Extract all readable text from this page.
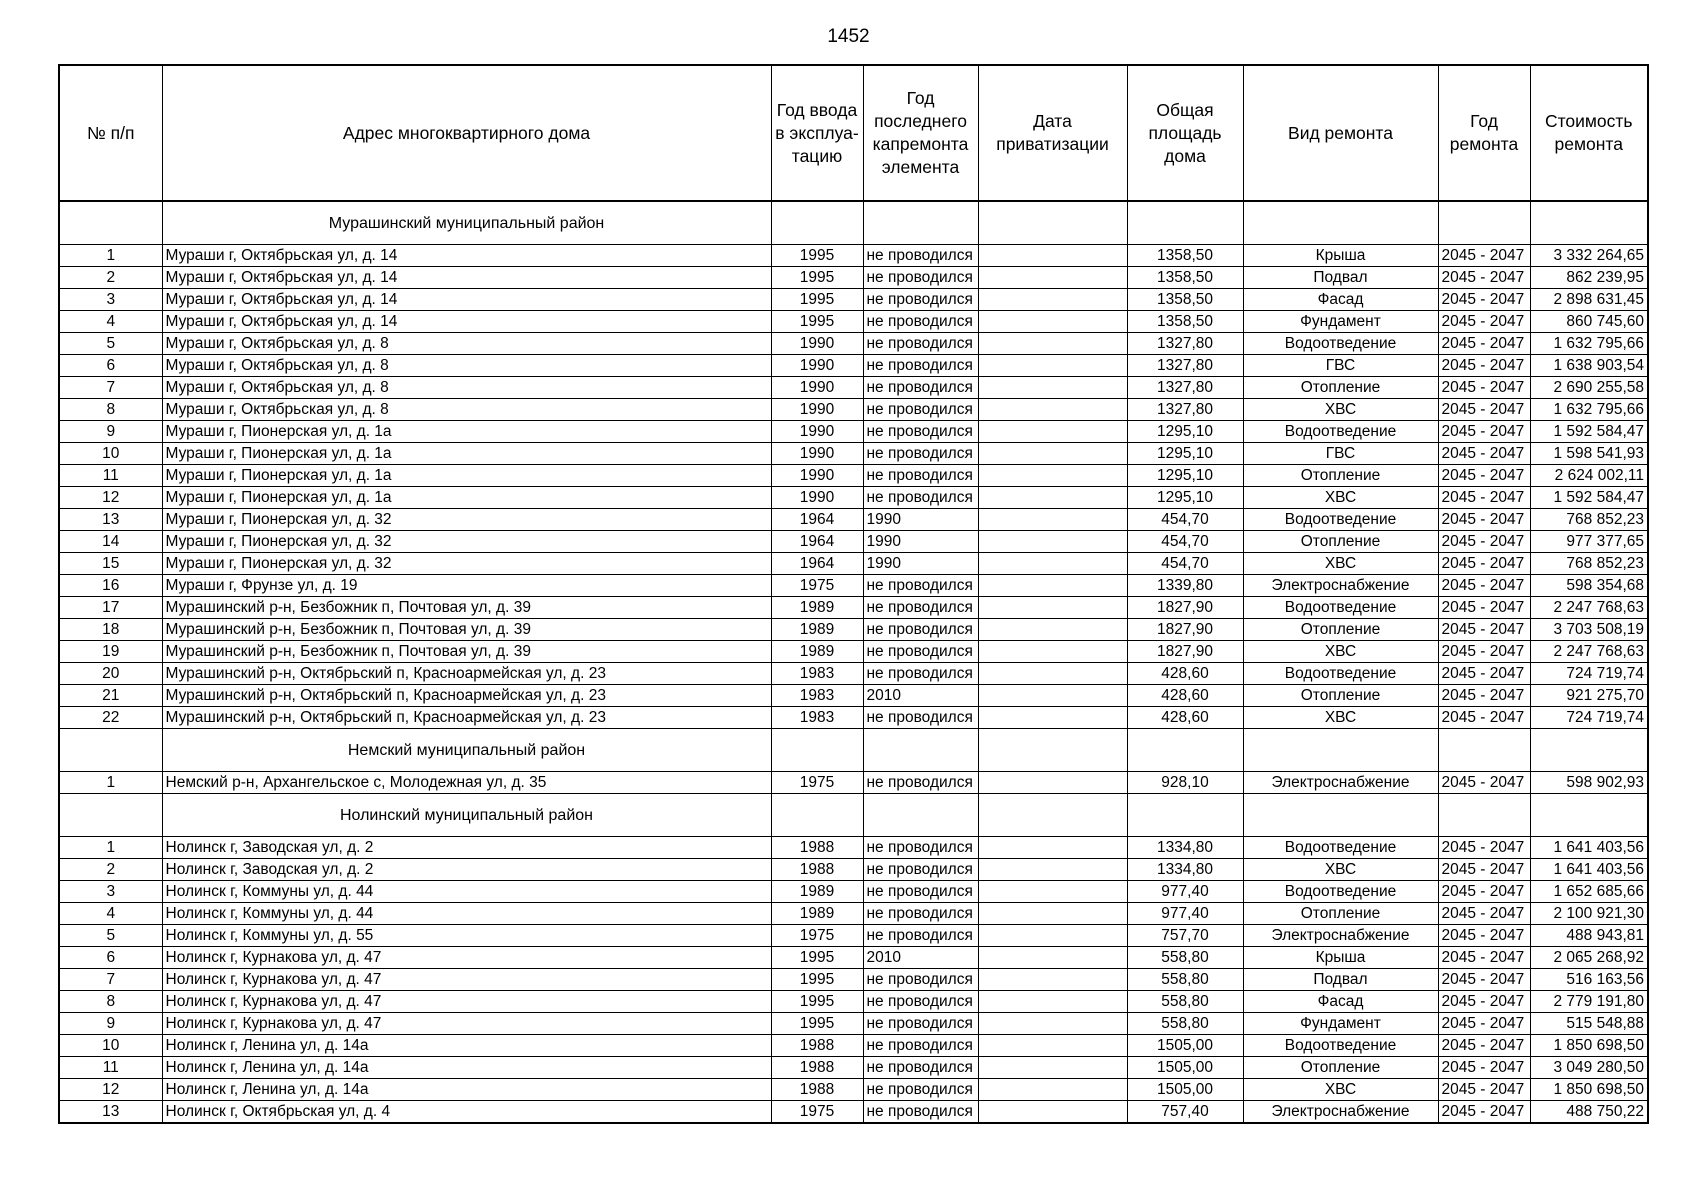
1452
№ п/п	Адрес многоквартирного дома	Год ввода в эксплуа-тацию	Год последнего капремонта элемента	Дата приватизации	Общая площадь дома	Вид ремонта	Год ремонта	Стоимость ремонта
	Мурашинский муниципальный район							
1	Мураши г, Октябрьская ул, д. 14	1995	не проводился		1358,50	Крыша	2045 - 2047	3 332 264,65
2	Мураши г, Октябрьская ул, д. 14	1995	не проводился		1358,50	Подвал	2045 - 2047	862 239,95
3	Мураши г, Октябрьская ул, д. 14	1995	не проводился		1358,50	Фасад	2045 - 2047	2 898 631,45
4	Мураши г, Октябрьская ул, д. 14	1995	не проводился		1358,50	Фундамент	2045 - 2047	860 745,60
5	Мураши г, Октябрьская ул, д. 8	1990	не проводился		1327,80	Водоотведение	2045 - 2047	1 632 795,66
6	Мураши г, Октябрьская ул, д. 8	1990	не проводился		1327,80	ГВС	2045 - 2047	1 638 903,54
7	Мураши г, Октябрьская ул, д. 8	1990	не проводился		1327,80	Отопление	2045 - 2047	2 690 255,58
8	Мураши г, Октябрьская ул, д. 8	1990	не проводился		1327,80	ХВС	2045 - 2047	1 632 795,66
9	Мураши г, Пионерская ул, д. 1а	1990	не проводился		1295,10	Водоотведение	2045 - 2047	1 592 584,47
10	Мураши г, Пионерская ул, д. 1а	1990	не проводился		1295,10	ГВС	2045 - 2047	1 598 541,93
11	Мураши г, Пионерская ул, д. 1а	1990	не проводился		1295,10	Отопление	2045 - 2047	2 624 002,11
12	Мураши г, Пионерская ул, д. 1а	1990	не проводился		1295,10	ХВС	2045 - 2047	1 592 584,47
13	Мураши г, Пионерская ул, д. 32	1964	1990		454,70	Водоотведение	2045 - 2047	768 852,23
14	Мураши г, Пионерская ул, д. 32	1964	1990		454,70	Отопление	2045 - 2047	977 377,65
15	Мураши г, Пионерская ул, д. 32	1964	1990		454,70	ХВС	2045 - 2047	768 852,23
16	Мураши г, Фрунзе ул, д. 19	1975	не проводился		1339,80	Электроснабжение	2045 - 2047	598 354,68
17	Мурашинский р-н, Безбожник п, Почтовая ул, д. 39	1989	не проводился		1827,90	Водоотведение	2045 - 2047	2 247 768,63
18	Мурашинский р-н, Безбожник п, Почтовая ул, д. 39	1989	не проводился		1827,90	Отопление	2045 - 2047	3 703 508,19
19	Мурашинский р-н, Безбожник п, Почтовая ул, д. 39	1989	не проводился		1827,90	ХВС	2045 - 2047	2 247 768,63
20	Мурашинский р-н, Октябрьский п, Красноармейская ул, д. 23	1983	не проводился		428,60	Водоотведение	2045 - 2047	724 719,74
21	Мурашинский р-н, Октябрьский п, Красноармейская ул, д. 23	1983	2010		428,60	Отопление	2045 - 2047	921 275,70
22	Мурашинский р-н, Октябрьский п, Красноармейская ул, д. 23	1983	не проводился		428,60	ХВС	2045 - 2047	724 719,74
	Немский муниципальный район							
1	Немский р-н, Архангельское с, Молодежная ул, д. 35	1975	не проводился		928,10	Электроснабжение	2045 - 2047	598 902,93
	Нолинский муниципальный район							
1	Нолинск г, Заводская ул, д. 2	1988	не проводился		1334,80	Водоотведение	2045 - 2047	1 641 403,56
2	Нолинск г, Заводская ул, д. 2	1988	не проводился		1334,80	ХВС	2045 - 2047	1 641 403,56
3	Нолинск г, Коммуны ул, д. 44	1989	не проводился		977,40	Водоотведение	2045 - 2047	1 652 685,66
4	Нолинск г, Коммуны ул, д. 44	1989	не проводился		977,40	Отопление	2045 - 2047	2 100 921,30
5	Нолинск г, Коммуны ул, д. 55	1975	не проводился		757,70	Электроснабжение	2045 - 2047	488 943,81
6	Нолинск г, Курнакова ул, д. 47	1995	2010		558,80	Крыша	2045 - 2047	2 065 268,92
7	Нолинск г, Курнакова ул, д. 47	1995	не проводился		558,80	Подвал	2045 - 2047	516 163,56
8	Нолинск г, Курнакова ул, д. 47	1995	не проводился		558,80	Фасад	2045 - 2047	2 779 191,80
9	Нолинск г, Курнакова ул, д. 47	1995	не проводился		558,80	Фундамент	2045 - 2047	515 548,88
10	Нолинск г, Ленина ул, д. 14а	1988	не проводился		1505,00	Водоотведение	2045 - 2047	1 850 698,50
11	Нолинск г, Ленина ул, д. 14а	1988	не проводился		1505,00	Отопление	2045 - 2047	3 049 280,50
12	Нолинск г, Ленина ул, д. 14а	1988	не проводился		1505,00	ХВС	2045 - 2047	1 850 698,50
13	Нолинск г, Октябрьская ул, д. 4	1975	не проводился		757,40	Электроснабжение	2045 - 2047	488 750,22
